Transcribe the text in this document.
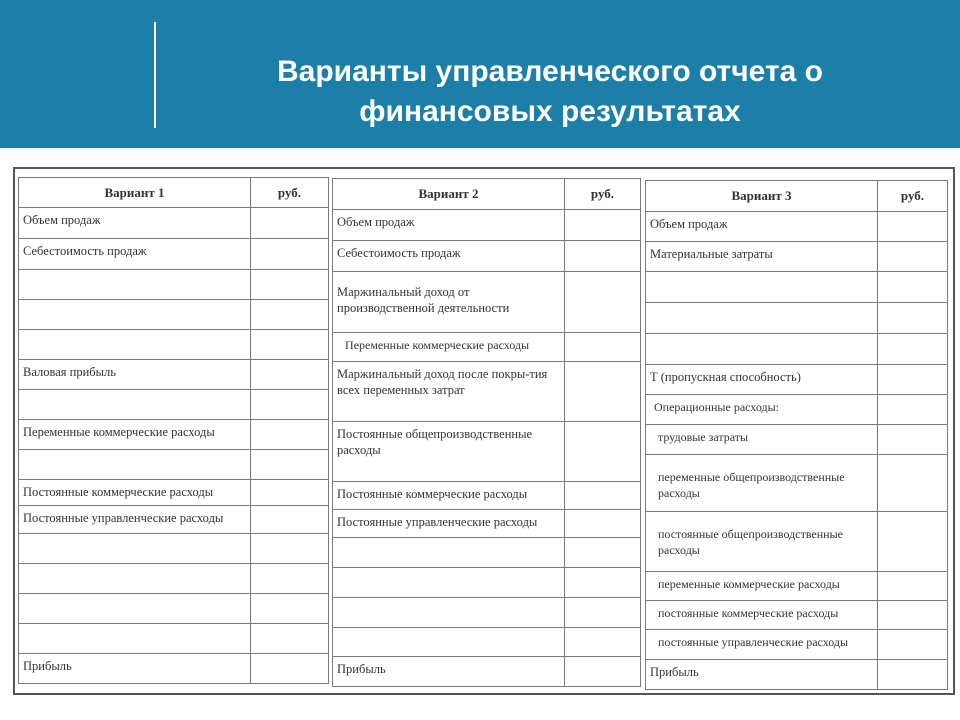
Варианты управленческого отчета о
финансовых результатах
Вариант 1	руб.
Объем продаж	
Себестоимость продаж	

Валовая прибыль	

Переменные коммерческие расходы	

Постоянные коммерческие расходы	
Постоянные управленческие расходы	

Прибыль	
Вариант 2	руб.
Объем продаж	
Себестоимость продаж	
Маржинальный доход от производственной деятельности	
Переменные коммерческие расходы	
Маржинальный доход после покры-тия всех переменных затрат	
Постоянные общепроизводственные расходы	
Постоянные коммерческие расходы	
Постоянные управленческие расходы	

Прибыль	
Вариант 3	руб.
Объем продаж	
Материальные затраты	

Т (пропускная способность)	
Операционные расходы:	
трудовые затраты	
переменные общепроизводственные расходы	
постоянные общепроизводственные расходы	
переменные коммерческие расходы	
постоянные коммерческие расходы	
постоянные управленческие расходы	
Прибыль	
